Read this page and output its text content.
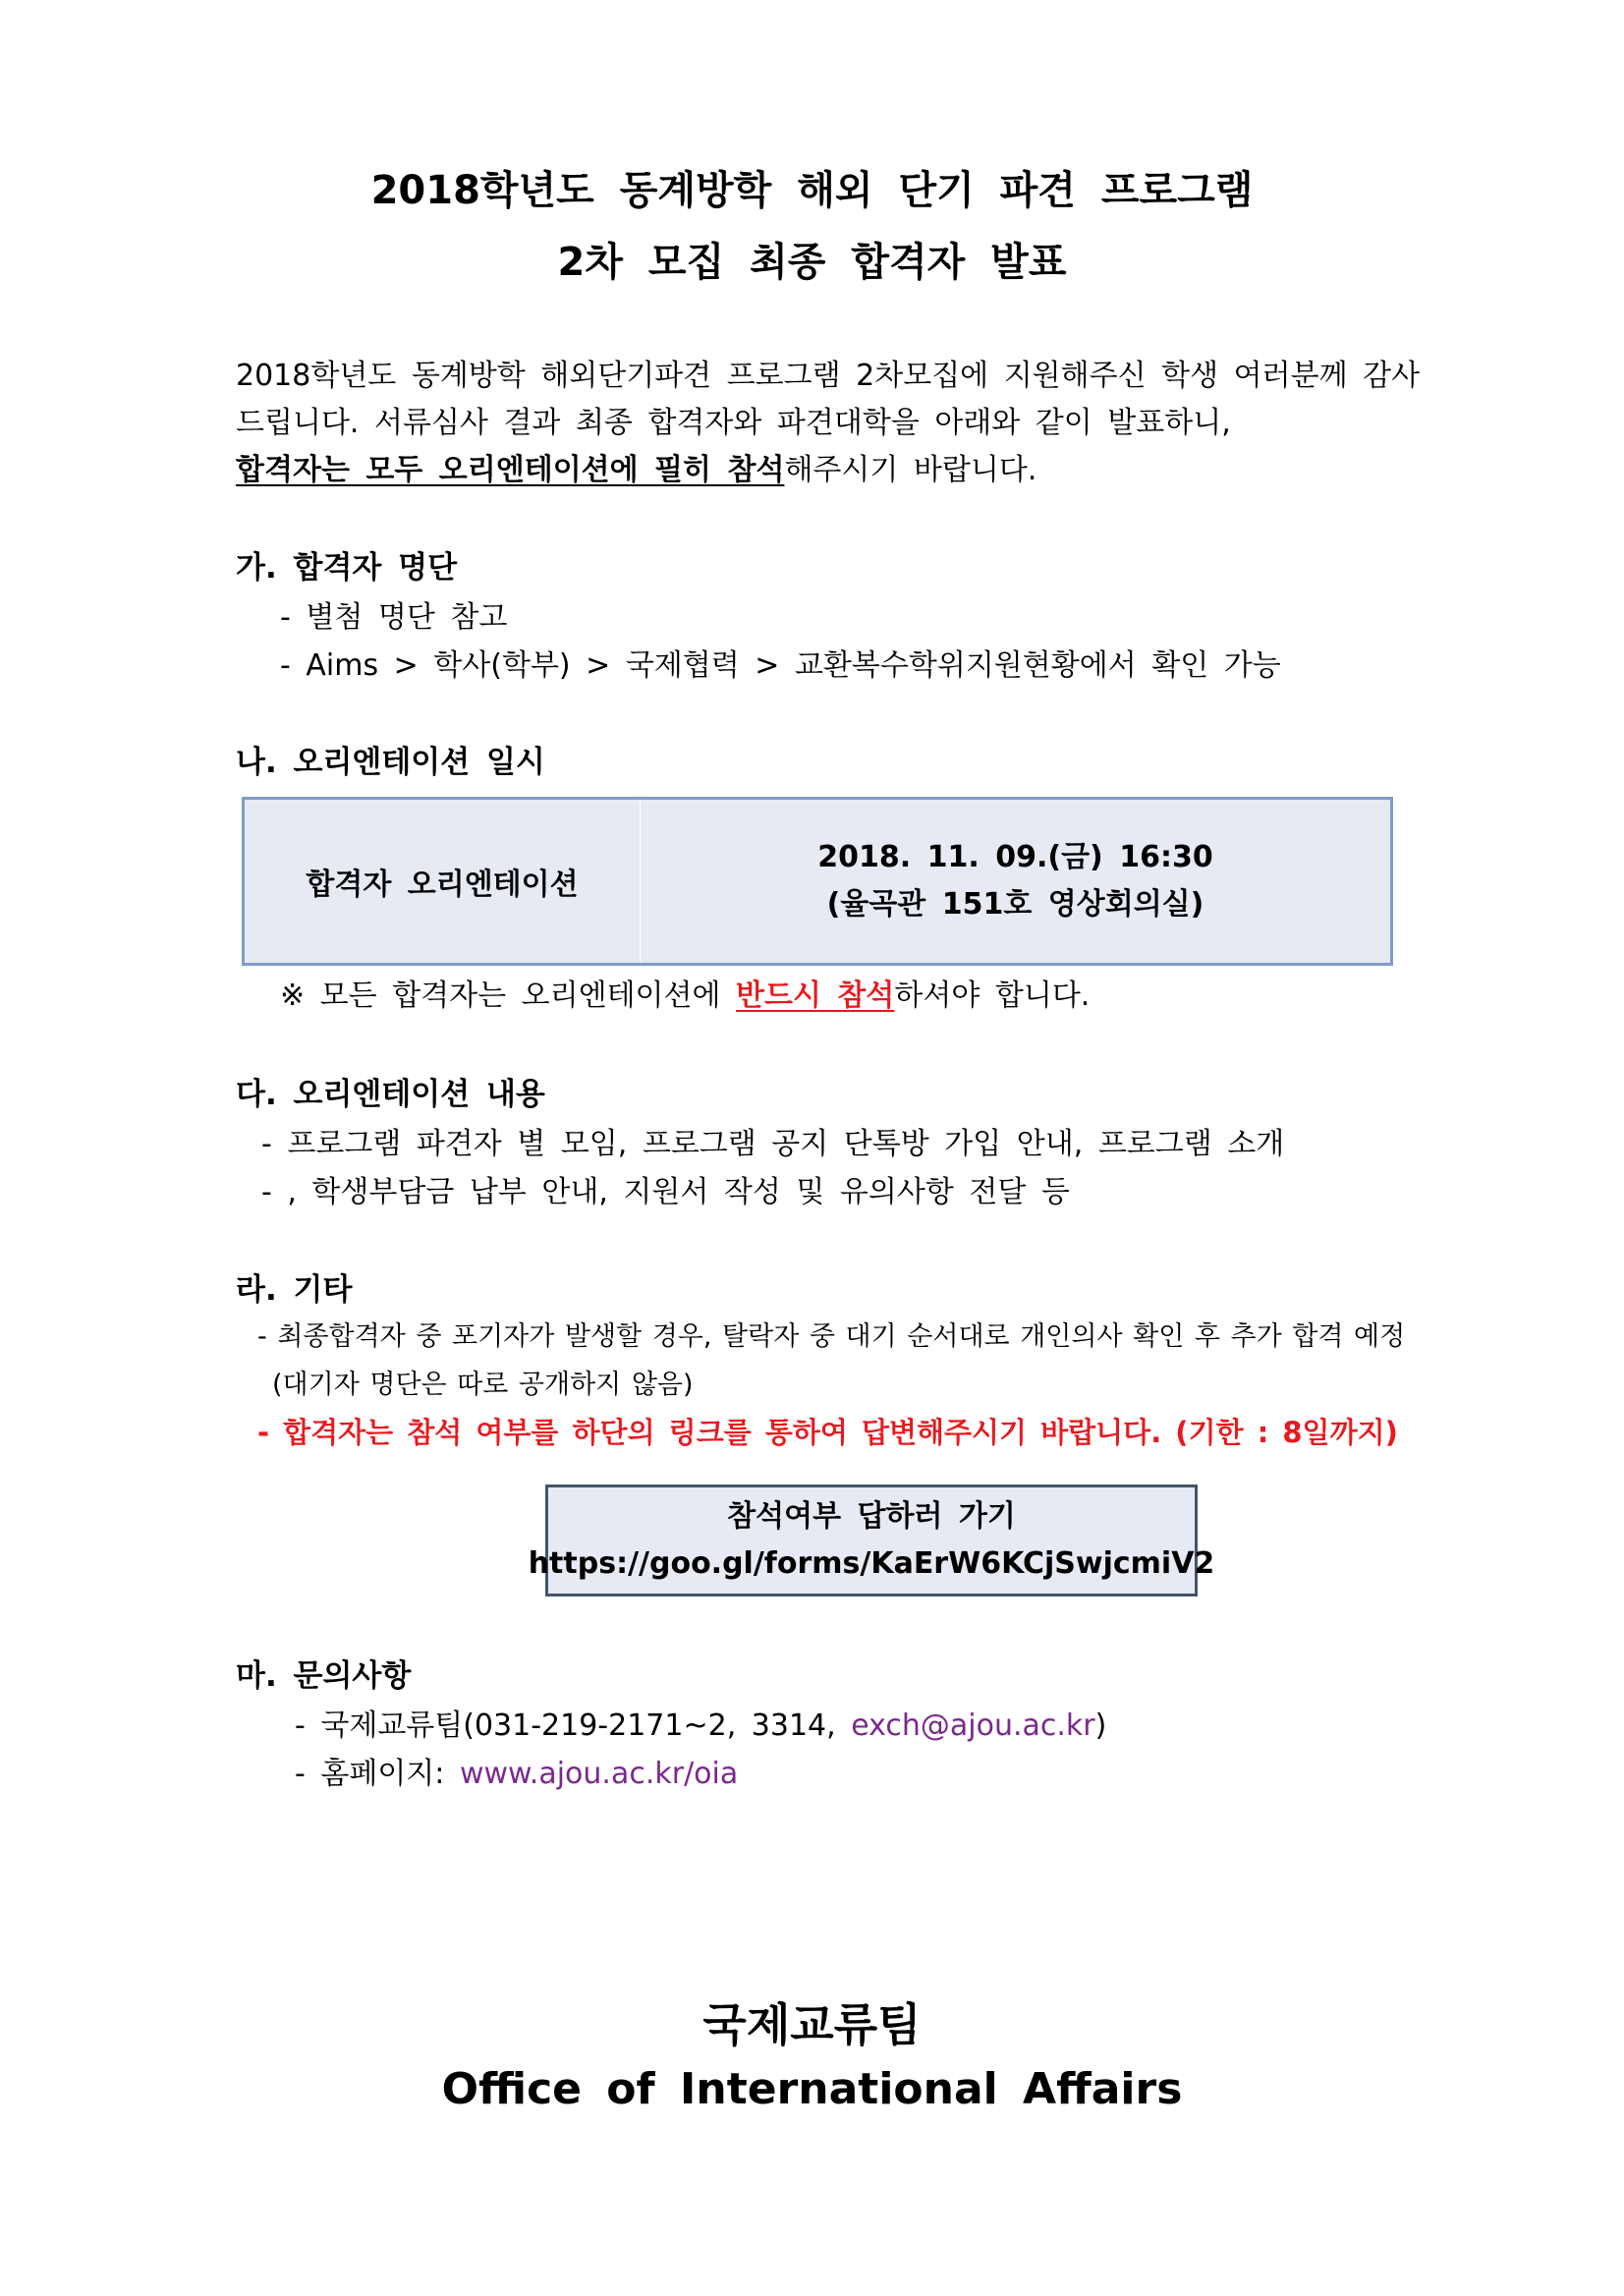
2018학년도 동계방학 해외 단기 파견 프로그램
2차 모집 최종 합격자 발표
2018학년도 동계방학 해외단기파견 프로그램 2차모집에 지원해주신 학생 여러분께 감사
드립니다. 서류심사 결과 최종 합격자와 파견대학을 아래와 같이 발표하니,
합격자는 모두 오리엔테이션에 필히 참석해주시기 바랍니다.
가. 합격자 명단
- 별첨 명단 참고
- Aims > 학사(학부) > 국제협력 > 교환복수학위지원현황에서 확인 가능
나. 오리엔테이션 일시
합격자 오리엔테이션
2018. 11. 09.(금) 16:30
(율곡관 151호 영상회의실)
※ 모든 합격자는 오리엔테이션에 반드시 참석하셔야 합니다.
다. 오리엔테이션 내용
- 프로그램 파견자 별 모임, 프로그램 공지 단톡방 가입 안내, 프로그램 소개
- , 학생부담금 납부 안내, 지원서 작성 및 유의사항 전달 등
라. 기타
- 최종합격자 중 포기자가 발생할 경우, 탈락자 중 대기 순서대로 개인의사 확인 후 추가 합격 예정
(대기자 명단은 따로 공개하지 않음)
- 합격자는 참석 여부를 하단의 링크를 통하여 답변해주시기 바랍니다. (기한 : 8일까지)
참석여부 답하러 가기
https://goo.gl/forms/KaErW6KCjSwjcmiV2
마. 문의사항
- 국제교류팀(031-219-2171~2, 3314, exch@ajou.ac.kr)
- 홈페이지: www.ajou.ac.kr/oia
국제교류팀
Office of International Affairs
